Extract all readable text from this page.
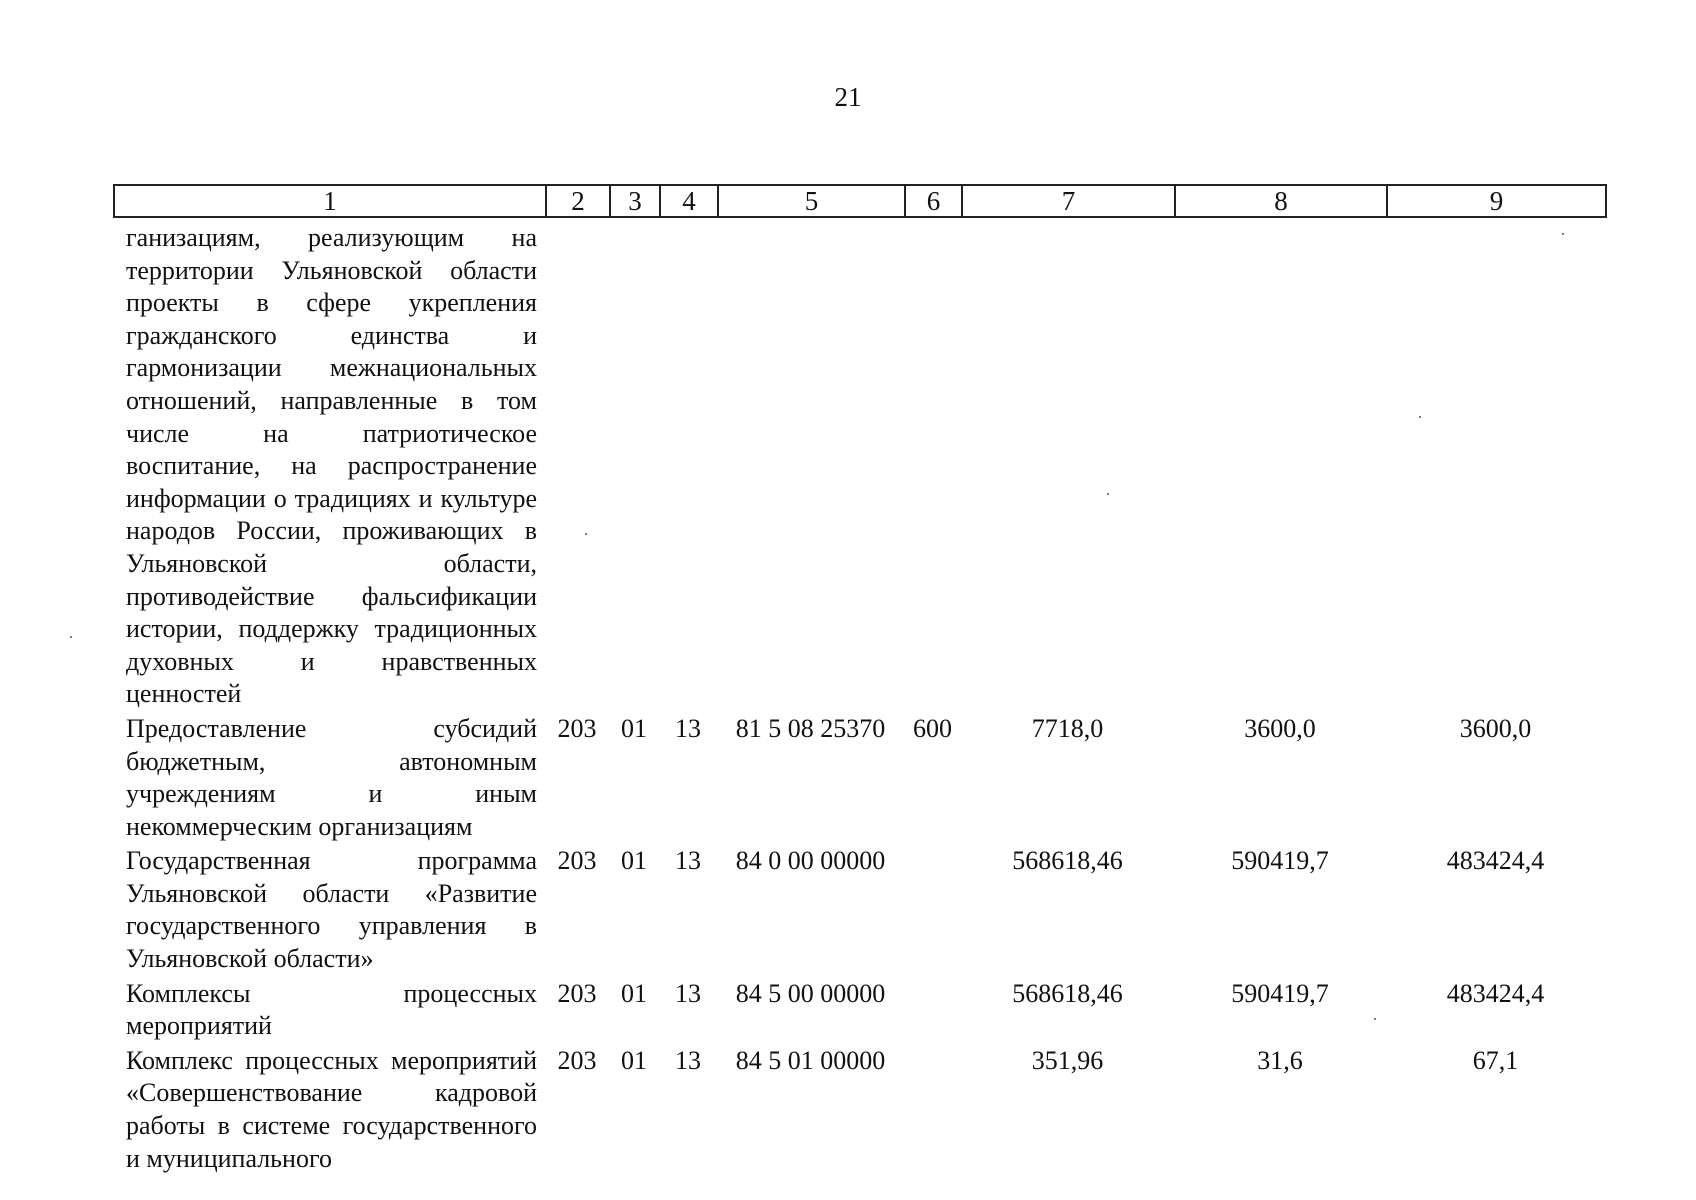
21
1	2	3	4	5	6	7	8	9
ганизациям, реализующим на территории Ульяновской области проекты в сфере укрепления гражданского единства и гармонизации межнациональных отношений, направленные в том числе на патриотическое воспитание, на распространение информации о традициях и культуре народов России, проживающих в Ульяновской области, противодействие фальсификации истории, поддержку традиционных духовных и нравственных ценностей								
Предоставление субсидий бюджетным, автономным учреждениям и иным некоммерческим организациям	203	01	13	81 5 08 25370	600	7718,0	3600,0	3600,0
Государственная программа Ульяновской области «Развитие государственного управления в Ульяновской области»	203	01	13	84 0 00 00000		568618,46	590419,7	483424,4
Комплексы процессных мероприятий	203	01	13	84 5 00 00000		568618,46	590419,7	483424,4
Комплекс процессных мероприятий «Совершенствование кадровой работы в системе государственного и муниципального	203	01	13	84 5 01 00000		351,96	31,6	67,1
